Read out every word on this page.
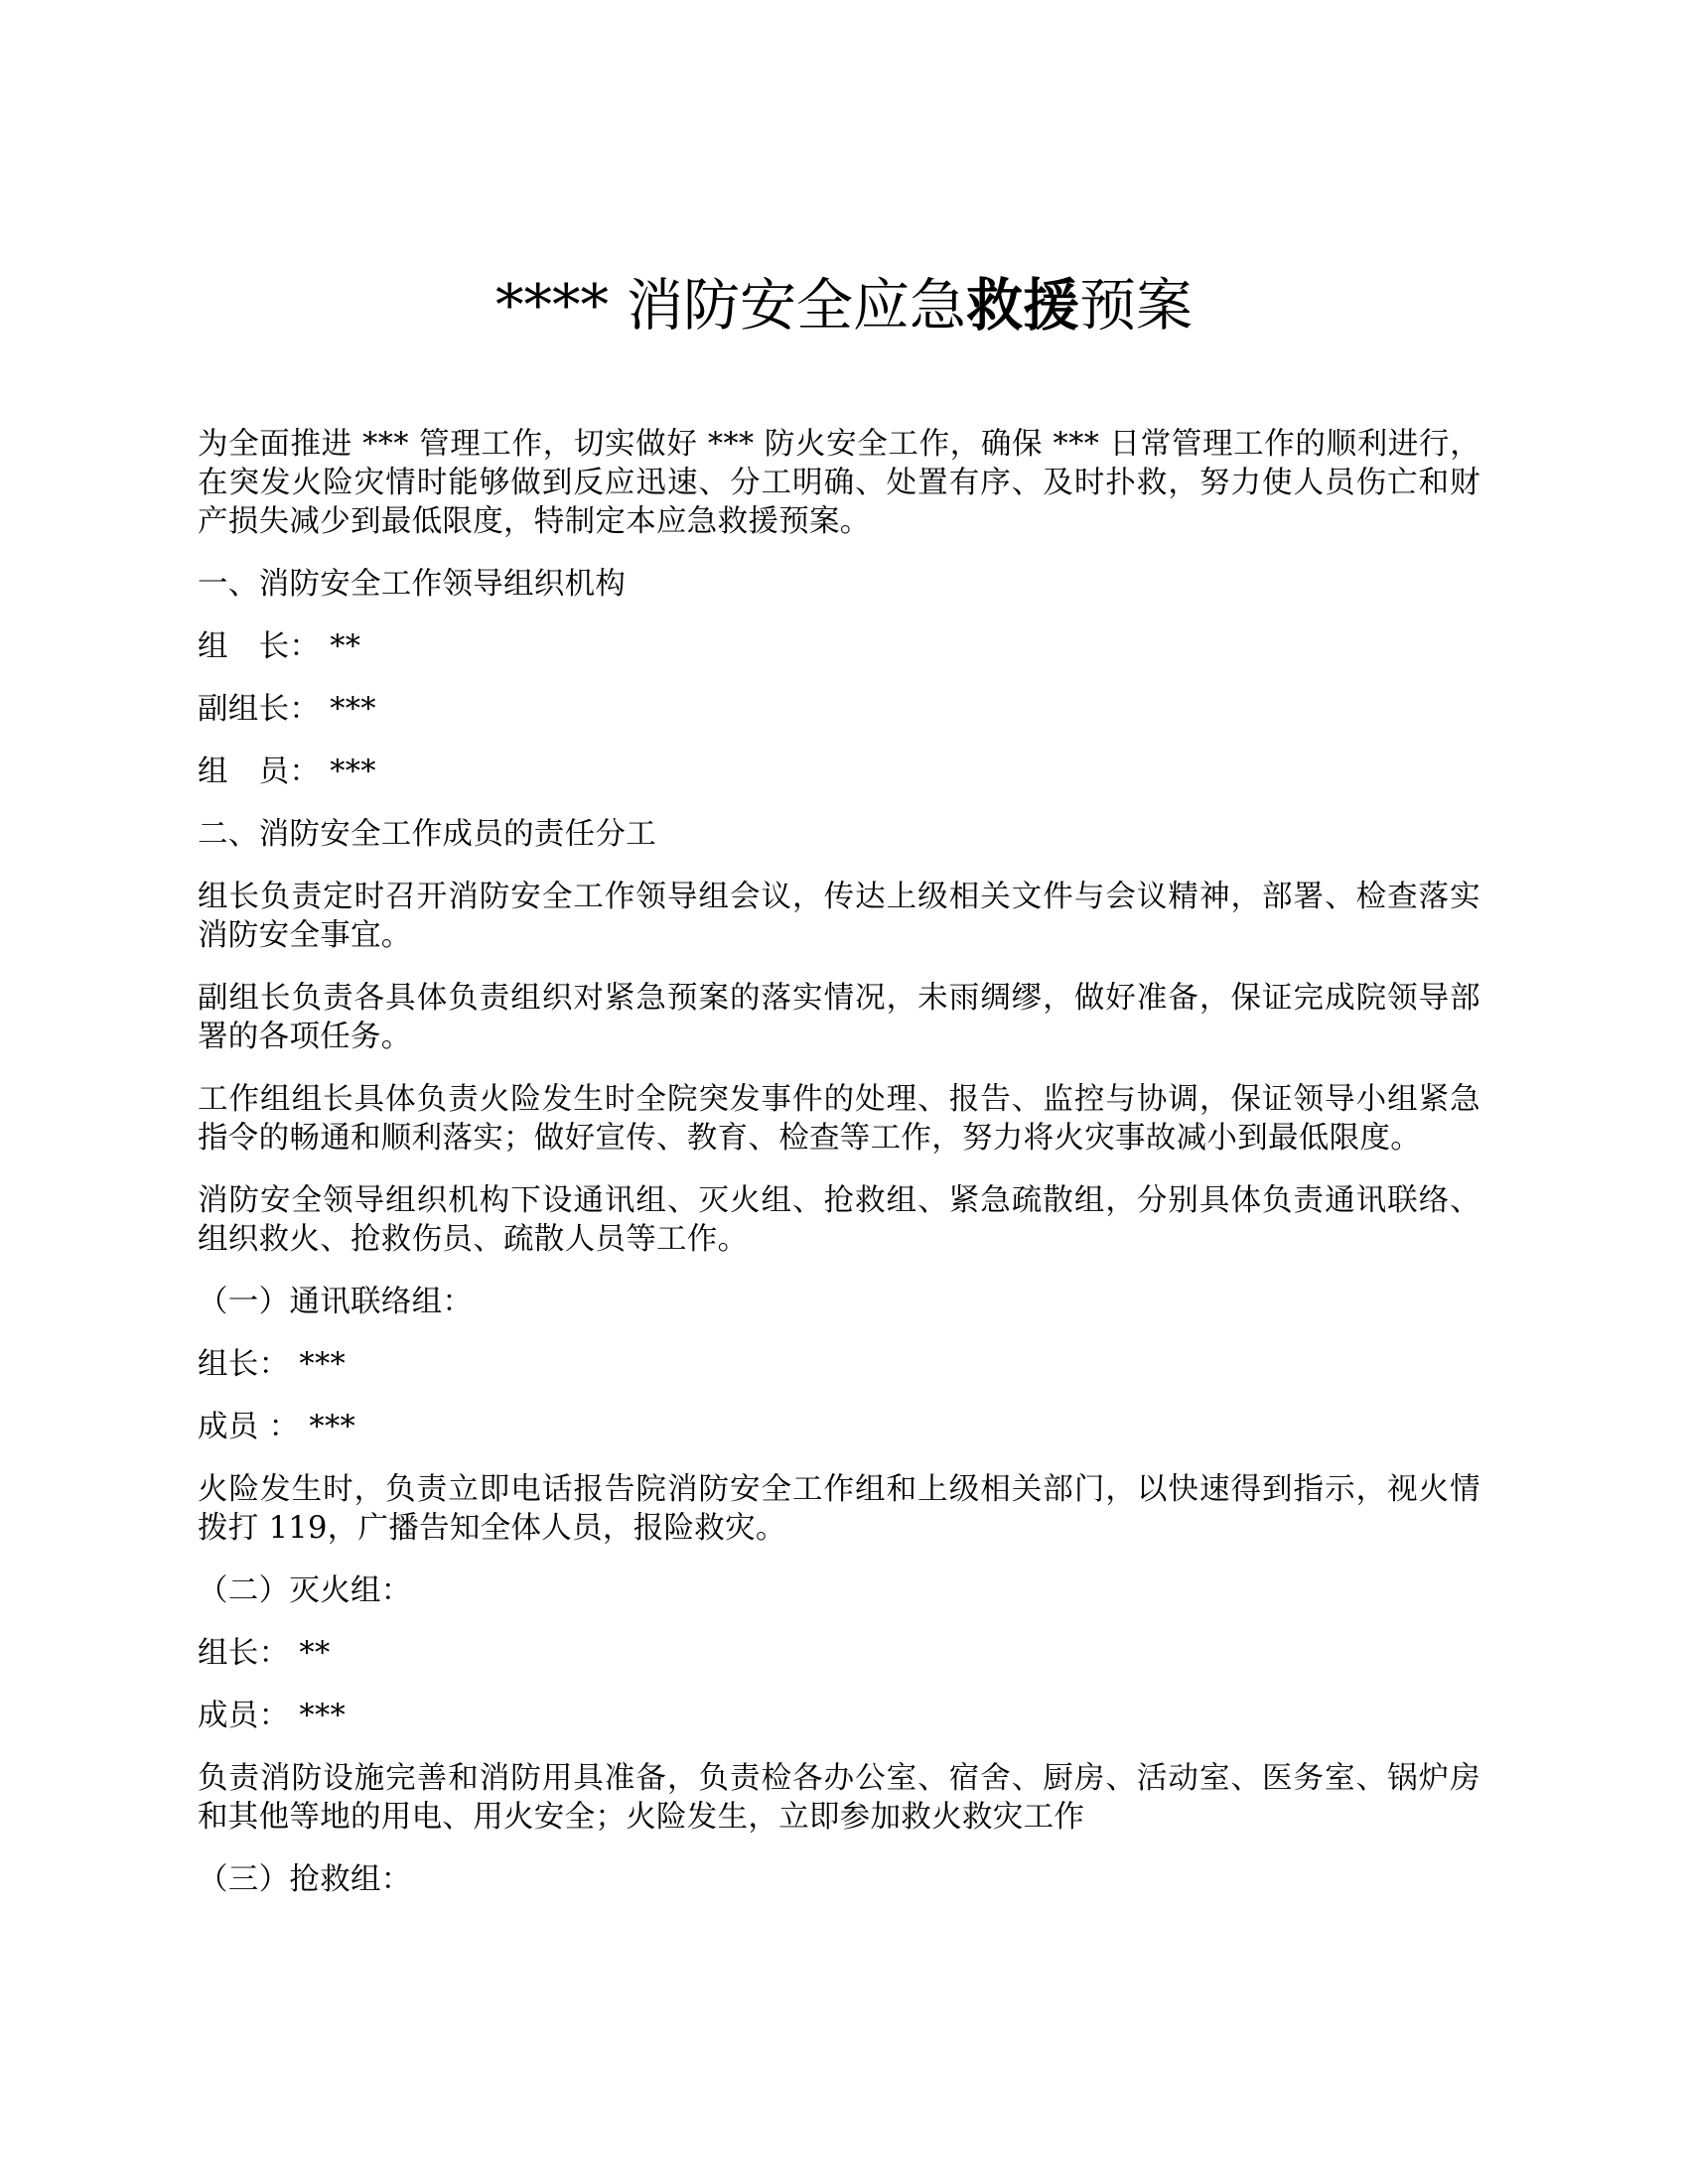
**** 消防安全应急救援预案

为全面推进 *** 管理工作，切实做好 *** 防火安全工作，确保 *** 日常管理工作的顺利进行，在突发火险灾情时能够做到反应迅速、分工明确、处置有序、及时扑救，努力使人员伤亡和财产损失减少到最低限度，特制定本应急救援预案。

一、消防安全工作领导组织机构

组　长： **

副组长： ***

组　员： ***

二、消防安全工作成员的责任分工

组长负责定时召开消防安全工作领导组会议，传达上级相关文件与会议精神，部署、检查落实消防安全事宜。

副组长负责各具体负责组织对紧急预案的落实情况，未雨绸缪，做好准备，保证完成院领导部署的各项任务。

工作组组长具体负责火险发生时全院突发事件的处理、报告、监控与协调，保证领导小组紧急指令的畅通和顺利落实；做好宣传、教育、检查等工作，努力将火灾事故减小到最低限度。

消防安全领导组织机构下设通讯组、灭火组、抢救组、紧急疏散组，分别具体负责通讯联络、组织救火、抢救伤员、疏散人员等工作。

（一）通讯联络组：

组长： ***

成员 ： ***

火险发生时，负责立即电话报告院消防安全工作组和上级相关部门，以快速得到指示，视火情拨打 119，广播告知全体人员，报险救灾。

（二）灭火组：

组长： **

成员： ***

负责消防设施完善和消防用具准备，负责检各办公室、宿舍、厨房、活动室、医务室、锅炉房和其他等地的用电、用火安全；火险发生，立即参加救火救灾工作

（三）抢救组：
